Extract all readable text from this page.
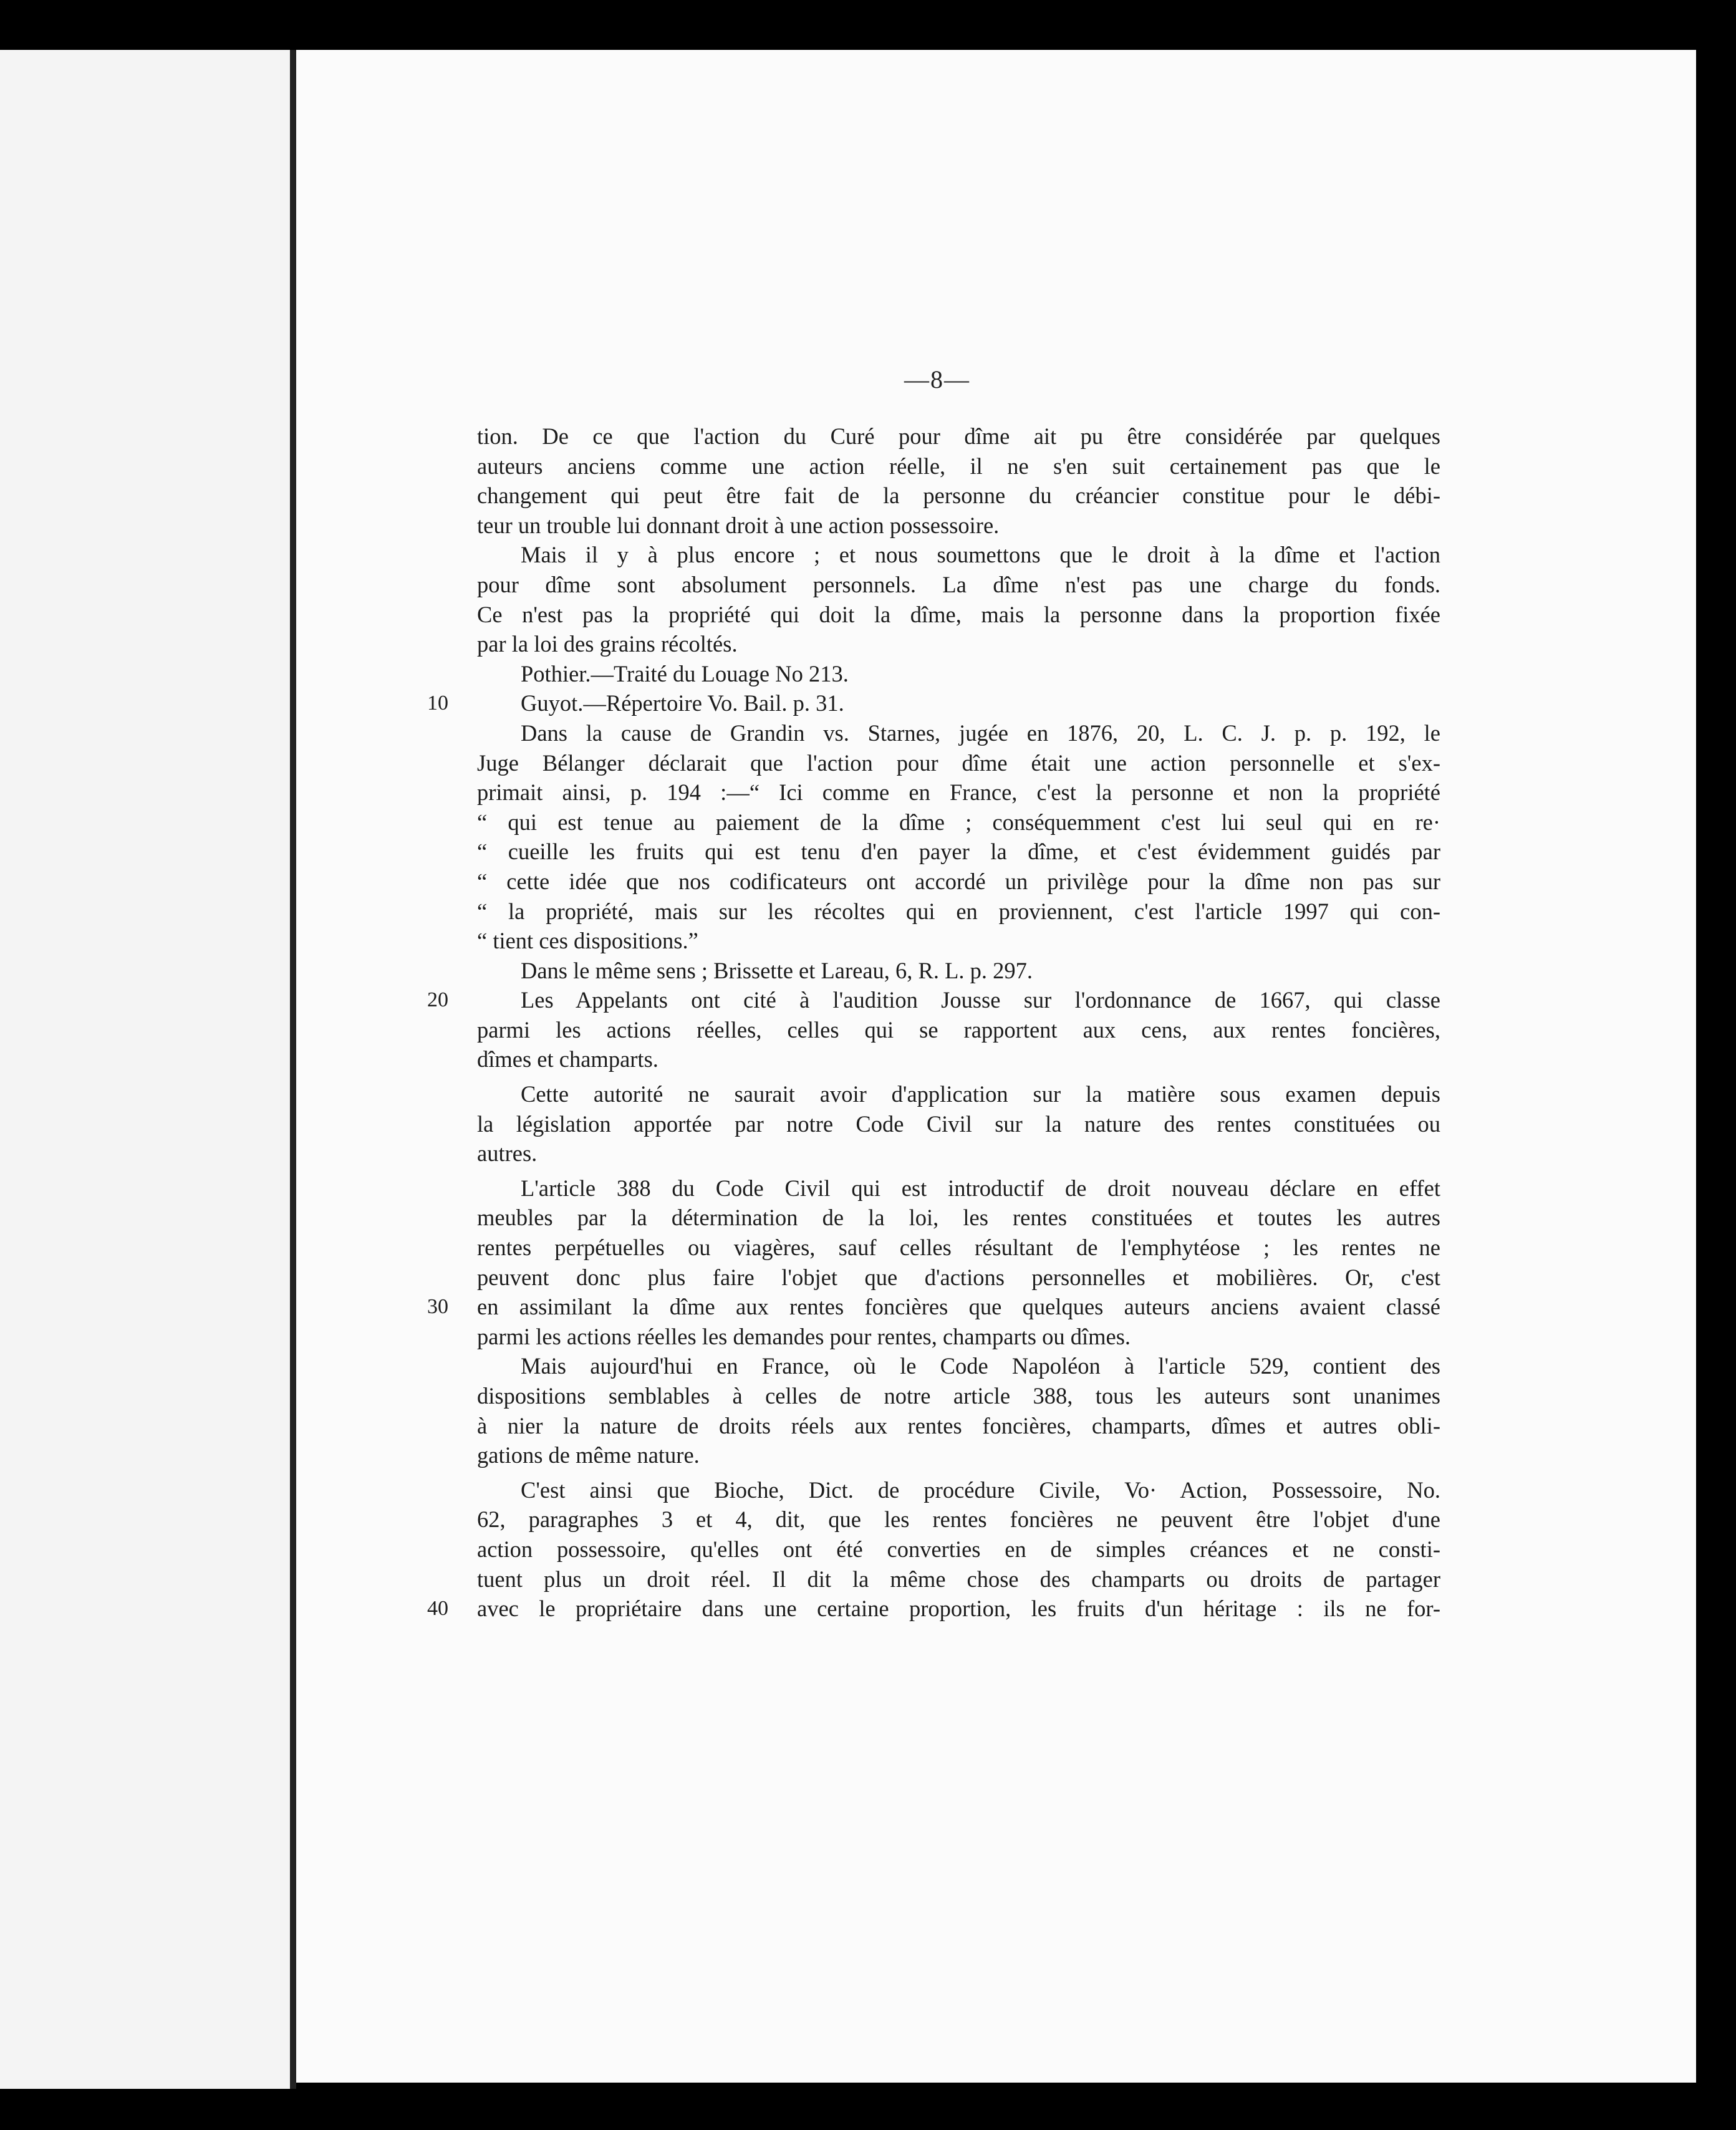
—8—
tion. De ce que l'action du Curé pour dîme ait pu être considérée par quelques
auteurs anciens comme une action réelle, il ne s'en suit certainement pas que le
changement qui peut être fait de la personne du créancier constitue pour le débi-
teur un trouble lui donnant droit à une action possessoire.
Mais il y à plus encore ; et nous soumettons que le droit à la dîme et l'action
pour dîme sont absolument personnels. La dîme n'est pas une charge du fonds.
Ce n'est pas la propriété qui doit la dîme, mais la personne dans la proportion fixée
par la loi des grains récoltés.
Pothier.—Traité du Louage No 213.
Guyot.—Répertoire Vo. Bail. p. 31.
10
Dans la cause de Grandin vs. Starnes, jugée en 1876, 20, L. C. J. p. p. 192, le
Juge Bélanger déclarait que l'action pour dîme était une action personnelle et s'ex-
primait ainsi, p. 194 :—“ Ici comme en France, c'est la personne et non la propriété
“ qui est tenue au paiement de la dîme ; conséquemment c'est lui seul qui en re·
“ cueille les fruits qui est tenu d'en payer la dîme, et c'est évidemment guidés par
“ cette idée que nos codificateurs ont accordé un privilège pour la dîme non pas sur
“ la propriété, mais sur les récoltes qui en proviennent, c'est l'article 1997 qui con-
“ tient ces dispositions.”
Dans le même sens ; Brissette et Lareau, 6, R. L. p. 297.
Les Appelants ont cité à l'audition Jousse sur l'ordonnance de 1667, qui classe
20
parmi les actions réelles, celles qui se rapportent aux cens, aux rentes foncières,
dîmes et champarts.
Cette autorité ne saurait avoir d'application sur la matière sous examen depuis
la législation apportée par notre Code Civil sur la nature des rentes constituées ou
autres.
L'article 388 du Code Civil qui est introductif de droit nouveau déclare en effet
meubles par la détermination de la loi, les rentes constituées et toutes les autres
rentes perpétuelles ou viagères, sauf celles résultant de l'emphytéose ; les rentes ne
peuvent donc plus faire l'objet que d'actions personnelles et mobilières. Or, c'est
en assimilant la dîme aux rentes foncières que quelques auteurs anciens avaient classé
30
parmi les actions réelles les demandes pour rentes, champarts ou dîmes.
Mais aujourd'hui en France, où le Code Napoléon à l'article 529, contient des
dispositions semblables à celles de notre article 388, tous les auteurs sont unanimes
à nier la nature de droits réels aux rentes foncières, champarts, dîmes et autres obli-
gations de même nature.
C'est ainsi que Bioche, Dict. de procédure Civile, Vo· Action, Possessoire, No.
62, paragraphes 3 et 4, dit, que les rentes foncières ne peuvent être l'objet d'une
action possessoire, qu'elles ont été converties en de simples créances et ne consti-
tuent plus un droit réel. Il dit la même chose des champarts ou droits de partager
avec le propriétaire dans une certaine proportion, les fruits d'un héritage : ils ne for-
40
